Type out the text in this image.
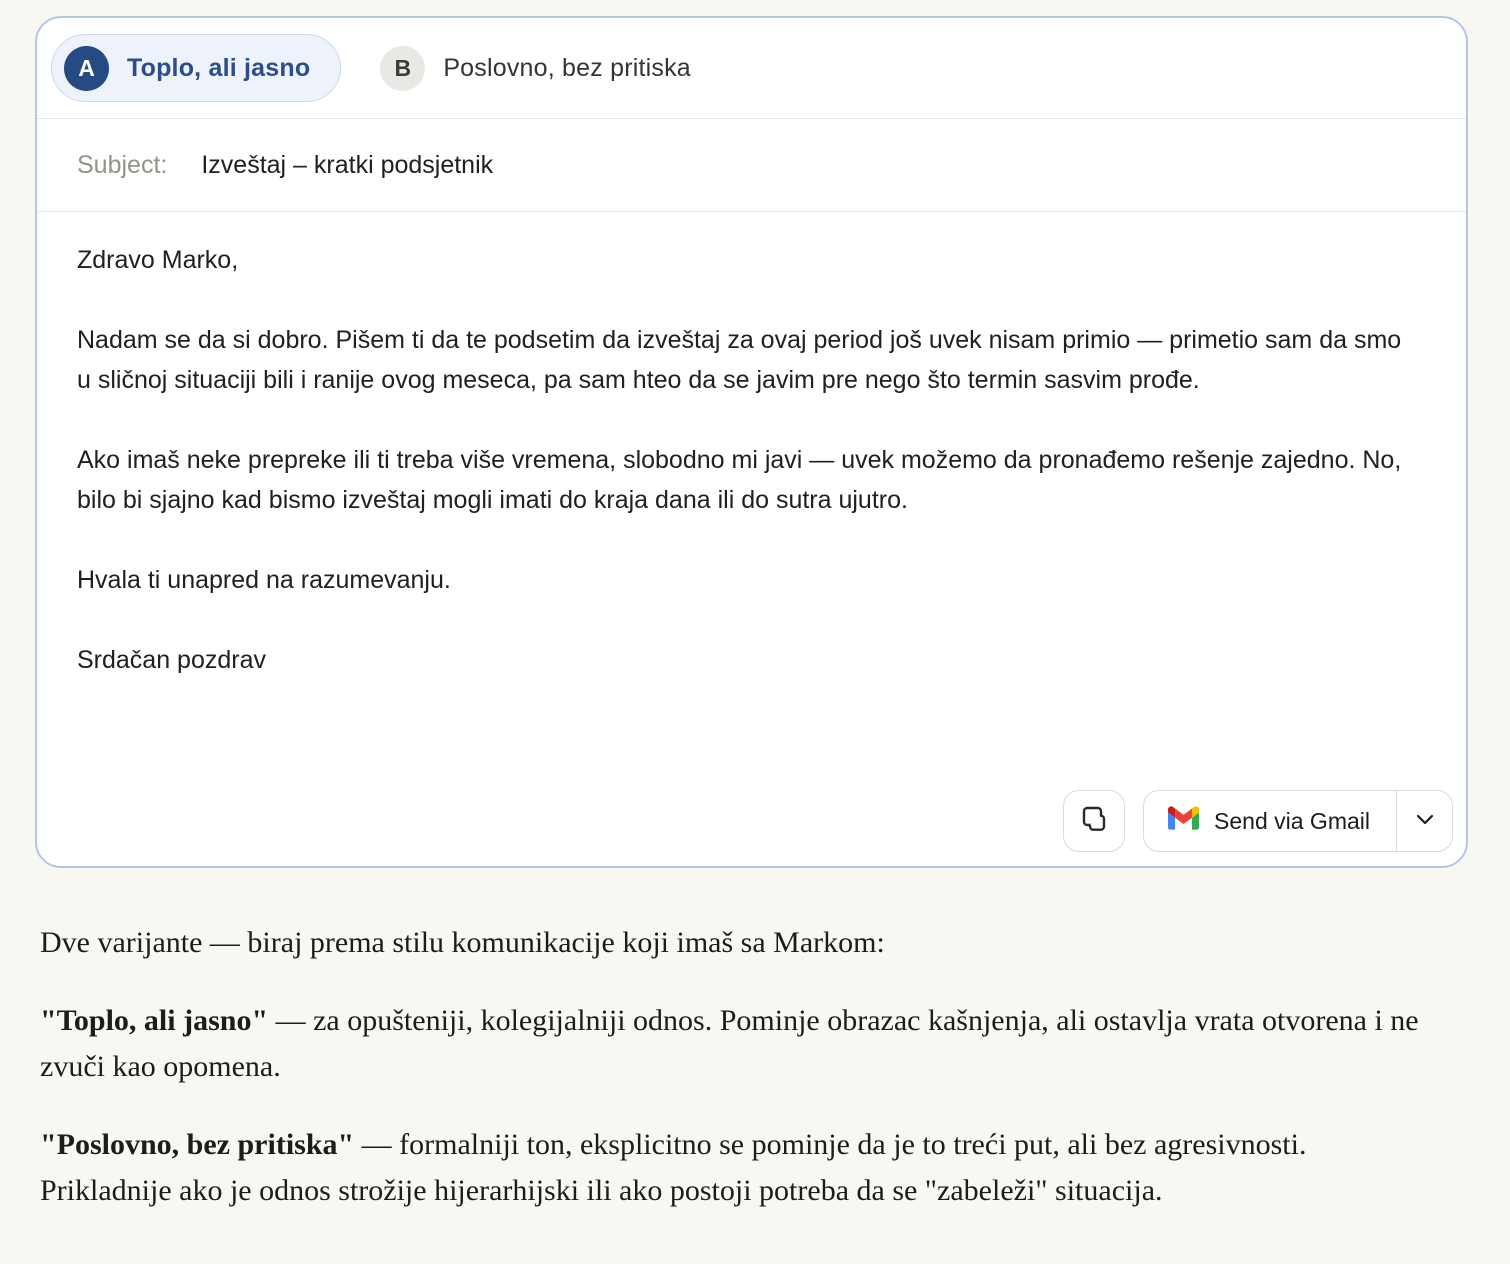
A	Toplo, ali jasno	B	Poslovno, bez pritiska
Subject: Izveštaj – kratki podsjetnik

Zdravo Marko,

Nadam se da si dobro. Pišem ti da te podsetim da izveštaj za ovaj period još uvek nisam primio — primetio sam da smo u sličnoj situaciji bili i ranije ovog meseca, pa sam hteo da se javim pre nego što termin sasvim prođe.

Ako imaš neke prepreke ili ti treba više vremena, slobodno mi javi — uvek možemo da pronađemo rešenje zajedno. No, bilo bi sjajno kad bismo izveštaj mogli imati do kraja dana ili do sutra ujutro.

Hvala ti unapred na razumevanju.

Srdačan pozdrav

Send via Gmail

Dve varijante — biraj prema stilu komunikacije koji imaš sa Markom:

"Toplo, ali jasno" — za opušteniji, kolegijalniji odnos. Pominje obrazac kašnjenja, ali ostavlja vrata otvorena i ne zvuči kao opomena.

"Poslovno, bez pritiska" — formalniji ton, eksplicitno se pominje da je to treći put, ali bez agresivnosti. Prikladnije ako je odnos strožije hijerarhijski ili ako postoji potreba da se "zabeleži" situacija.
